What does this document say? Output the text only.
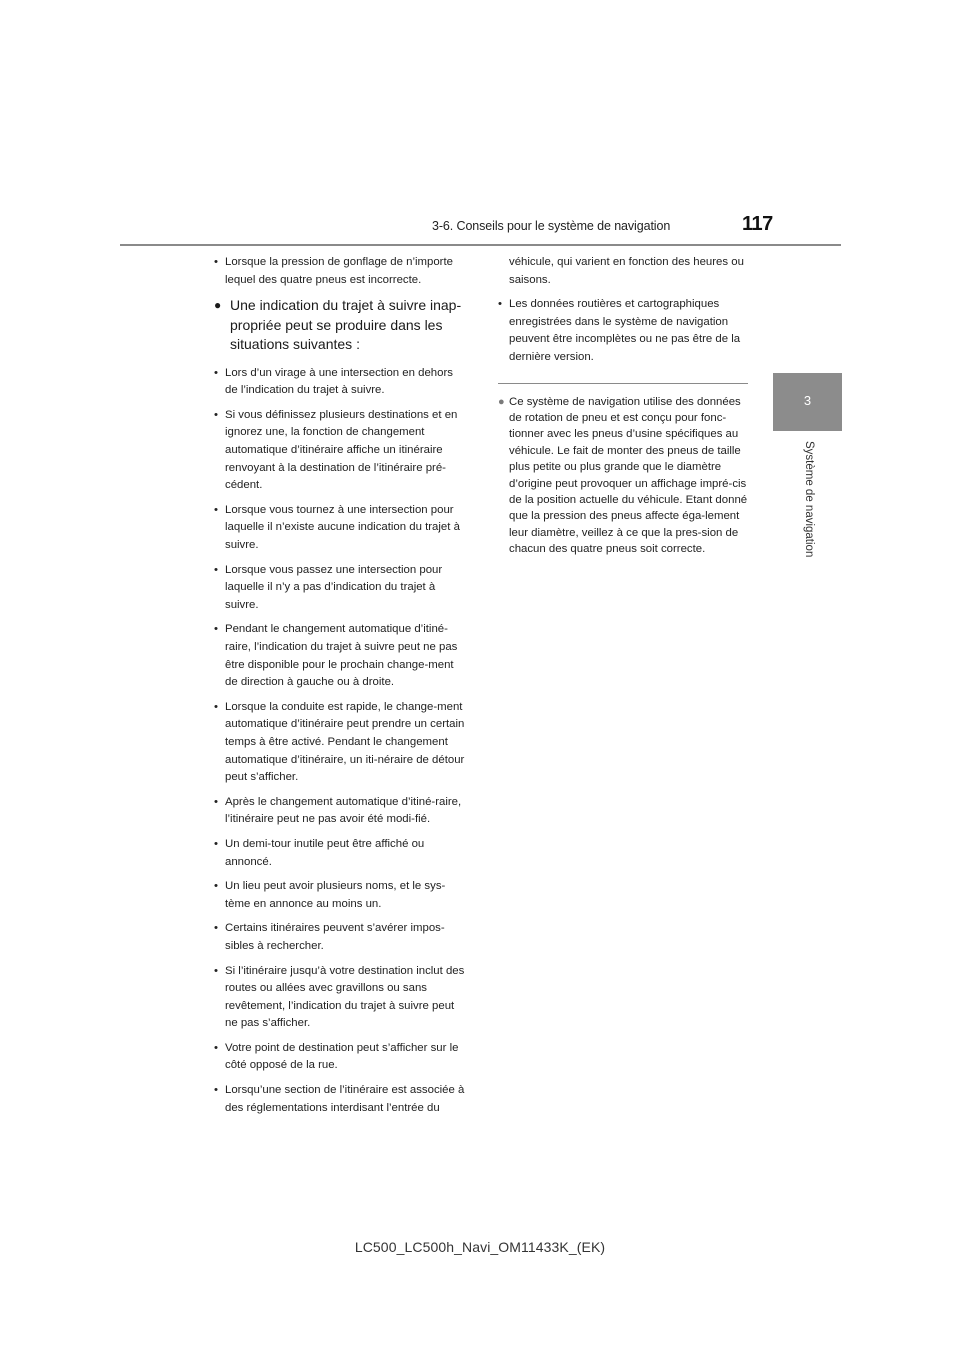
3-6. Conseils pour le système de navigation	117
3
Système de navigation
• Lorsque la pression de gonflage de n’importe lequel des quatre pneus est incorrecte.
● Une indication du trajet à suivre inap-propriée peut se produire dans les situations suivantes :
• Lors d’un virage à une intersection en dehors de l’indication du trajet à suivre.
• Si vous définissez plusieurs destinations et en ignorez une, la fonction de changement automatique d’itinéraire affiche un itinéraire renvoyant à la destination de l’itinéraire pré-cédent.
• Lorsque vous tournez à une intersection pour laquelle il n’existe aucune indication du trajet à suivre.
• Lorsque vous passez une intersection pour laquelle il n’y a pas d’indication du trajet à suivre.
• Pendant le changement automatique d’itiné-raire, l’indication du trajet à suivre peut ne pas être disponible pour le prochain change-ment de direction à gauche ou à droite.
• Lorsque la conduite est rapide, le change-ment automatique d’itinéraire peut prendre un certain temps à être activé. Pendant le changement automatique d’itinéraire, un iti-néraire de détour peut s’afficher.
• Après le changement automatique d’itiné-raire, l’itinéraire peut ne pas avoir été modi-fié.
• Un demi-tour inutile peut être affiché ou annoncé.
• Un lieu peut avoir plusieurs noms, et le sys-tème en annonce au moins un.
• Certains itinéraires peuvent s’avérer impos-sibles à rechercher.
• Si l’itinéraire jusqu’à votre destination inclut des routes ou allées avec gravillons ou sans revêtement, l’indication du trajet à suivre peut ne pas s’afficher.
• Votre point de destination peut s’afficher sur le côté opposé de la rue.
• Lorsqu’une section de l’itinéraire est associée à des réglementations interdisant l’entrée du
véhicule, qui varient en fonction des heures ou saisons.
• Les données routières et cartographiques enregistrées dans le système de navigation peuvent être incomplètes ou ne pas être de la dernière version.
● Ce système de navigation utilise des données de rotation de pneu et est conçu pour fonc-tionner avec les pneus d’usine spécifiques au véhicule. Le fait de monter des pneus de taille plus petite ou plus grande que le diamètre d’origine peut provoquer un affichage impré-cis de la position actuelle du véhicule. Etant donné que la pression des pneus affecte éga-lement leur diamètre, veillez à ce que la pres-sion de chacun des quatre pneus soit correcte.
LC500_LC500h_Navi_OM11433K_(EK)
